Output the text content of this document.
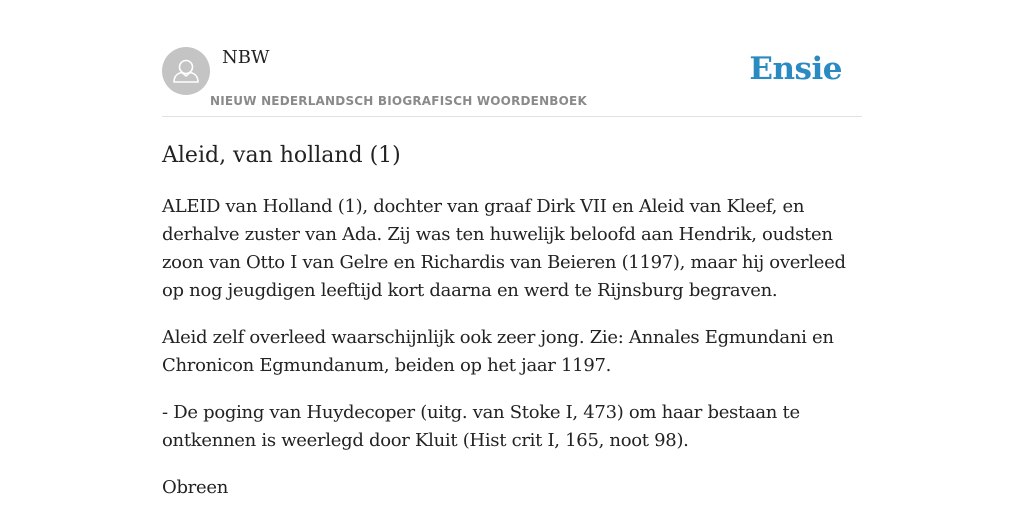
NBW
NIEUW NEDERLANDSCH BIOGRAFISCH WOORDENBOEK
Ensie
Aleid, van holland (1)

ALEID van Holland (1), dochter van graaf Dirk VII en Aleid van Kleef, en derhalve zuster van Ada. Zij was ten huwelijk beloofd aan Hendrik, oudsten zoon van Otto I van Gelre en Richardis van Beieren (1197), maar hij overleed op nog jeugdigen leeftijd kort daarna en werd te Rijnsburg begraven.

Aleid zelf overleed waarschijnlijk ook zeer jong. Zie: Annales Egmundani en Chronicon Egmundanum, beiden op het jaar 1197.

- De poging van Huydecoper (uitg. van Stoke I, 473) om haar bestaan te ontkennen is weerlegd door Kluit (Hist crit I, 165, noot 98).

Obreen
